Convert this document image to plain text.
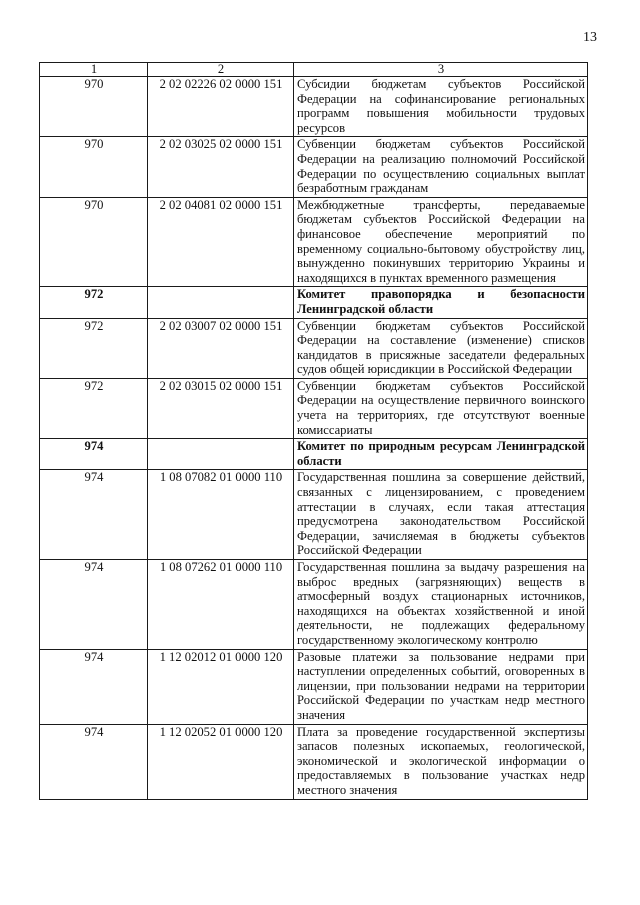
13
1	2	3
970	2 02 02226 02 0000 151	Субсидии бюджетам субъектов Российской Федерации на софинансирование региональных программ повышения мобильности трудовых ресурсов
970	2 02 03025 02 0000 151	Субвенции бюджетам субъектов Российской Федерации на реализацию полномочий Российской Федерации по осуществлению социальных выплат безработным гражданам
970	2 02 04081 02 0000 151	Межбюджетные трансферты, передаваемые бюджетам субъектов Российской Федерации на финансовое обеспечение мероприятий по временному социально-бытовому обустройству лиц, вынужденно покинувших территорию Украины и находящихся в пунктах временного размещения
972		Комитет правопорядка и безопасности Ленинградской области
972	2 02 03007 02 0000 151	Субвенции бюджетам субъектов Российской Федерации на составление (изменение) списков кандидатов в присяжные заседатели федеральных судов общей юрисдикции в Российской Федерации
972	2 02 03015 02 0000 151	Субвенции бюджетам субъектов Российской Федерации на осуществление первичного воинского учета на территориях, где отсутствуют военные комиссариаты
974		Комитет по природным ресурсам Ленинградской области
974	1 08 07082 01 0000 110	Государственная пошлина за совершение действий, связанных с лицензированием, с проведением аттестации в случаях, если такая аттестация предусмотрена законодательством Российской Федерации, зачисляемая в бюджеты субъектов Российской Федерации
974	1 08 07262 01 0000 110	Государственная пошлина за выдачу разрешения на выброс вредных (загрязняющих) веществ в атмосферный воздух стационарных источников, находящихся на объектах хозяйственной и иной деятельности, не подлежащих федеральному государственному экологическому контролю
974	1 12 02012 01 0000 120	Разовые платежи за пользование недрами при наступлении определенных событий, оговоренных в лицензии, при пользовании недрами на территории Российской Федерации по участкам недр местного значения
974	1 12 02052 01 0000 120	Плата за проведение государственной экспертизы запасов полезных ископаемых, геологической, экономической и экологической информации о предоставляемых в пользование участках недр местного значения
